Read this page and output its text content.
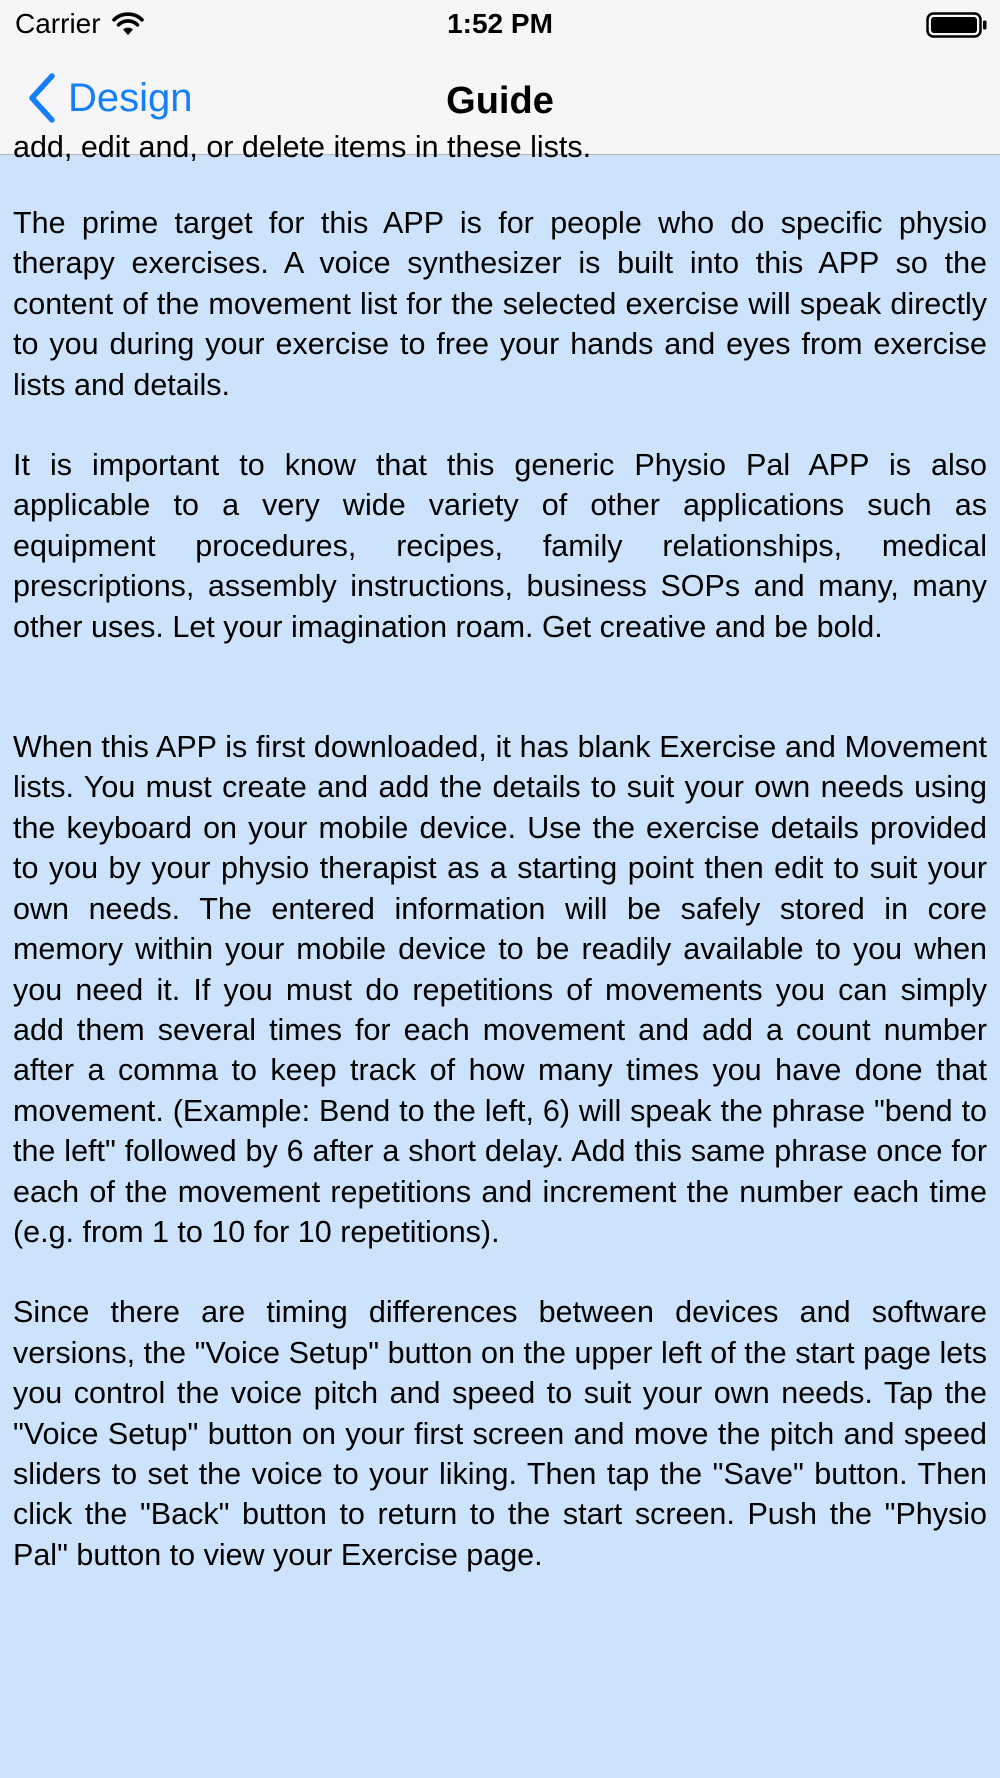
Carrier	1:52 PM
Design	Guide

add, edit and, or delete items in these lists.

The prime target for this APP is for people who do specific physio therapy exercises. A voice synthesizer is built into this APP so the content of the movement list for the selected exercise will speak directly to you during your exercise to free your hands and eyes from exercise lists and details.

It is important to know that this generic Physio Pal APP is also applicable to a very wide variety of other applications such as equipment procedures, recipes, family relationships, medical prescriptions, assembly instructions, business SOPs and many, many other uses. Let your imagination roam. Get creative and be bold.

When this APP is first downloaded, it has blank Exercise and Movement lists. You must create and add the details to suit your own needs using the keyboard on your mobile device. Use the exercise details provided to you by your physio therapist as a starting point then edit to suit your own needs. The entered information will be safely stored in core memory within your mobile device to be readily available to you when you need it. If you must do repetitions of movements you can simply add them several times for each movement and add a count number after a comma to keep track of how many times you have done that movement. (Example: Bend to the left, 6) will speak the phrase "bend to the left" followed by 6 after a short delay. Add this same phrase once for each of the movement repetitions and increment the number each time (e.g. from 1 to 10 for 10 repetitions).

Since there are timing differences between devices and software versions, the "Voice Setup" button on the upper left of the start page lets you control the voice pitch and speed to suit your own needs. Tap the "Voice Setup" button on your first screen and move the pitch and speed sliders to set the voice to your liking. Then tap the "Save" button. Then click the "Back" button to return to the start screen. Push the "Physio Pal" button to view your Exercise page.
